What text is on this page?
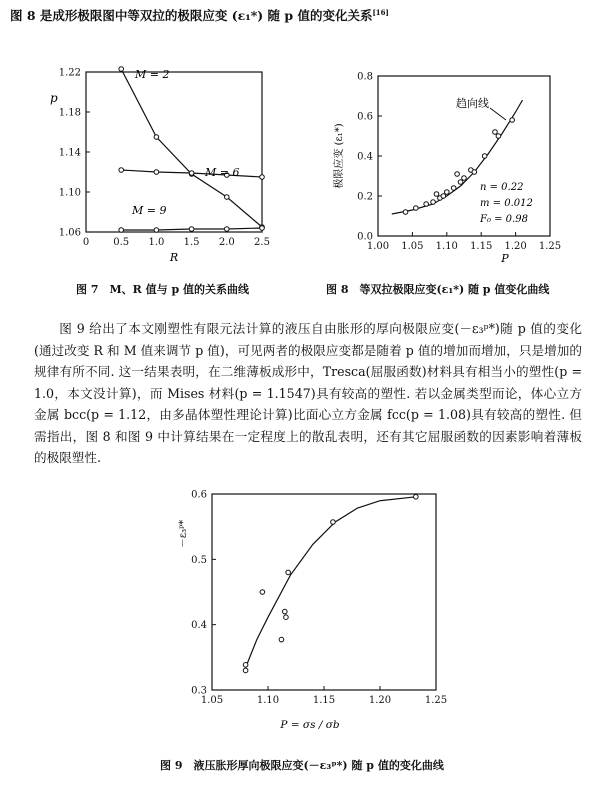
图 8 是成形极限图中等双拉的极限应变 (ε₁*) 随 p 值的变化关系[16]
0 0.5 1.0 1.5 2.0 2.5
1.22
1.18
1.14
1.10
1.06
M = 2
M = 6
M = 9
R
p
图 7　M、R 值与 p 值的关系曲线
1.00 1.05 1.10 1.15 1.20 1.25
0.8
0.6
0.4
0.2
0.0
趋向线
n = 0.22
m = 0.012
F₀ = 0.98
P
极限应变 (ε₁*)
图 8　等双拉极限应变(ε₁*) 随 p 值变化曲线

图 9 给出了本文刚塑性有限元法计算的液压自由胀形的厚向极限应变(－ε₃ᵖ*)随 p 值的变化(通过改变 R 和 M 值来调节 p 值)，可见两者的极限应变都是随着 p 值的增加而增加，只是增加的规律有所不同. 这一结果表明，在二维薄板成形中，Tresca(屈服函数)材料具有相当小的塑性(p = 1.0，本文没计算)，而 Mises 材料(p = 1.1547)具有较高的塑性. 若以金属类型而论，体心立方金属 bcc(p = 1.12，由多晶体塑性理论计算)比面心立方金属 fcc(p = 1.08)具有较高的塑性. 但需指出，图 8 和图 9 中计算结果在一定程度上的散乱表明，还有其它屈服函数的因素影响着薄板的极限塑性.

1.05	1.10	1.15	1.20	1.25
0.6
0.5
0.4
0.3
P = σs / σb
－ε₃ᵖ*
图 9　液压胀形厚向极限应变(－ε₃ᵖ*) 随 p 值的变化曲线
